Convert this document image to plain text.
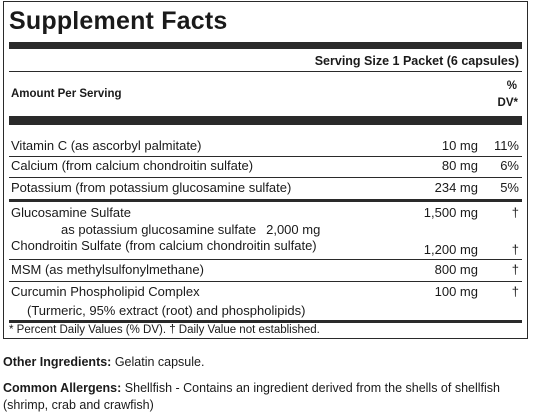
Supplement Facts
Serving Size 1 Packet (6 capsules)
Amount Per Serving
%
DV*
Vitamin C (as ascorbyl palmitate)	10 mg 11%
Calcium (from calcium chondroitin sulfate)	80 mg 6%
Potassium (from potassium glucosamine sulfate)	234 mg 5%
Glucosamine Sulfate	1,500 mg	†
as potassium glucosamine sulfate 2,000 mg
Chondroitin Sulfate (from calcium chondroitin sulfate)	1,200 mg	†
MSM (as methylsulfonylmethane)	800 mg	†
Curcumin Phospholipid Complex	100 mg	†
(Turmeric, 95% extract (root) and phospholipids)
* Percent Daily Values (% DV). † Daily Value not established.
Other Ingredients: Gelatin capsule.
Common Allergens: Shellfish - Contains an ingredient derived from the shells of shellfish (shrimp, crab and crawfish)
